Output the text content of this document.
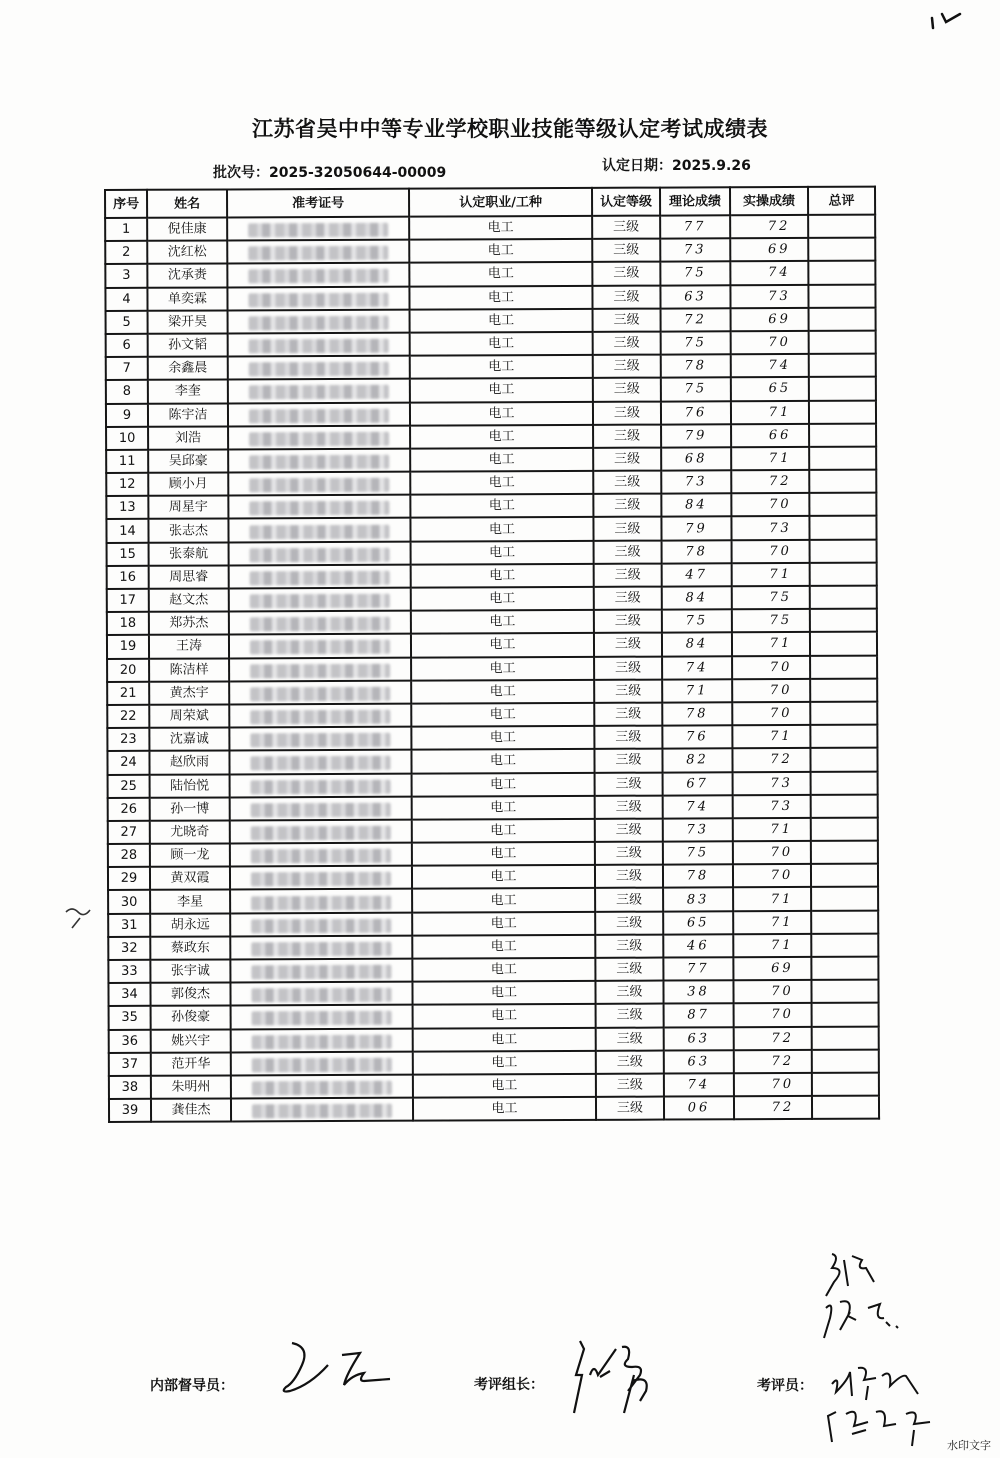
江苏省吴中中等专业学校职业技能等级认定考试成绩表
批次号：2025-32050644-00009	认定日期：2025.9.26
序号	姓名	准考证号	认定职业/工种	认定等级	理论成绩	实操成绩	总评
1	倪佳康		电工	三级	77	72	
2	沈红松		电工	三级	73	69	
3	沈承赉		电工	三级	75	74	
4	单奕霖		电工	三级	63	73	
5	梁开昊		电工	三级	72	69	
6	孙文韬		电工	三级	75	70	
7	余鑫晨		电工	三级	78	74	
8	李奎		电工	三级	75	65	
9	陈宇洁		电工	三级	76	71	
10	刘浩		电工	三级	79	66	
11	吴邱豪		电工	三级	68	71	
12	顾小月		电工	三级	73	72	
13	周星宇		电工	三级	84	70	
14	张志杰		电工	三级	79	73	
15	张泰航		电工	三级	78	70	
16	周思睿		电工	三级	47	71	
17	赵文杰		电工	三级	84	75	
18	郑苏杰		电工	三级	75	75	
19	王涛		电工	三级	84	71	
20	陈洁样		电工	三级	74	70	
21	黄杰宇		电工	三级	71	70	
22	周荣斌		电工	三级	78	70	
23	沈嘉诚		电工	三级	76	71	
24	赵欣雨		电工	三级	82	72	
25	陆怡悦		电工	三级	67	73	
26	孙一博		电工	三级	74	73	
27	尤晓奇		电工	三级	73	71	
28	顾一龙		电工	三级	75	70	
29	黄双霞		电工	三级	78	70	
30	李星		电工	三级	83	71	
31	胡永远		电工	三级	65	71	
32	蔡政东		电工	三级	46	71	
33	张宇诚		电工	三级	77	69	
34	郭俊杰		电工	三级	38	70	
35	孙俊豪		电工	三级	87	70	
36	姚兴宇		电工	三级	63	72	
37	范开华		电工	三级	63	72	
38	朱明州		电工	三级	74	70	
39	龚佳杰		电工	三级	06	72	
内部督导员：	考评组长：	考评员：
水印文字
